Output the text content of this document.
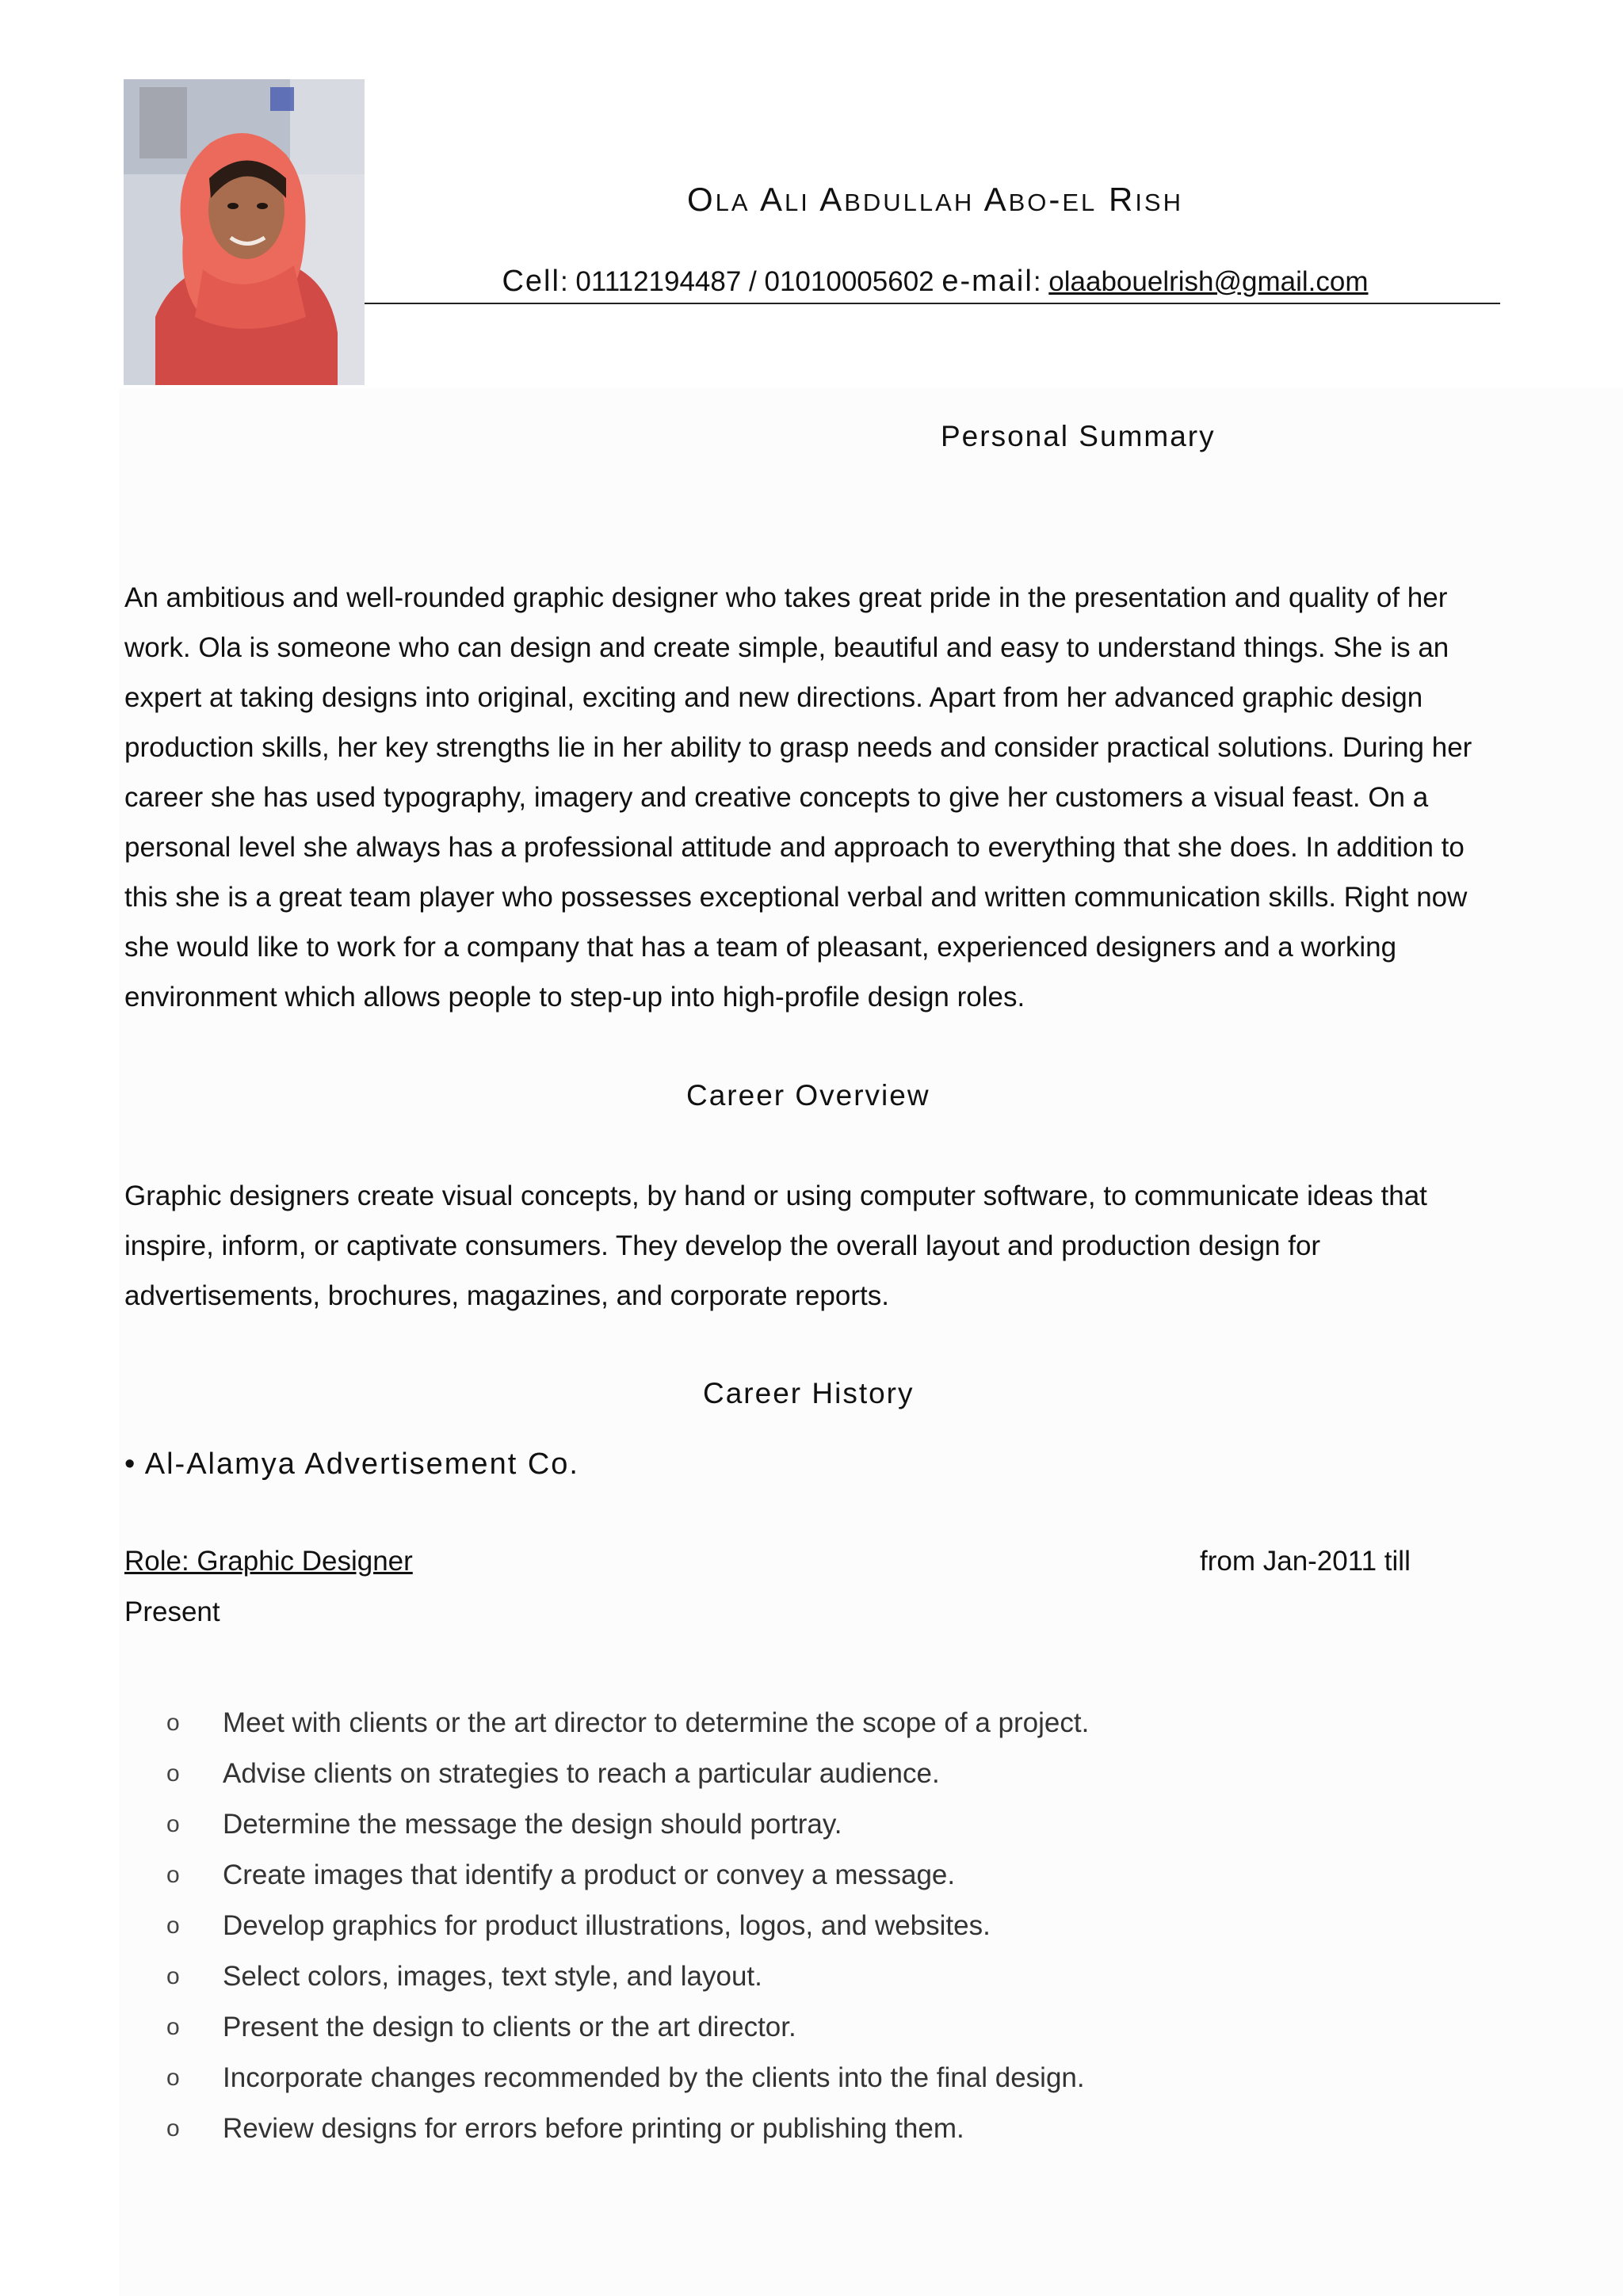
OLA ALI ABDULLAH ABO-EL RISH
Cell: 01112194487 / 01010005602 e-mail: olaabouelrish@gmail.com
Personal Summary
An ambitious and well-rounded graphic designer who takes great pride in the presentation and quality of her work. Ola is someone who can design and create simple, beautiful and easy to understand things. She is an expert at taking designs into original, exciting and new directions. Apart from her advanced graphic design production skills, her key strengths lie in her ability to grasp needs and consider practical solutions. During her career she has used typography, imagery and creative concepts to give her customers a visual feast. On a personal level she always has a professional attitude and approach to everything that she does. In addition to this she is a great team player who possesses exceptional verbal and written communication skills. Right now she would like to work for a company that has a team of pleasant, experienced designers and a working environment which allows people to step-up into high-profile design roles.
Career Overview
Graphic designers create visual concepts, by hand or using computer software, to communicate ideas that inspire, inform, or captivate consumers. They develop the overall layout and production design for advertisements, brochures, magazines, and corporate reports.
Career History
• Al-Alamya Advertisement Co.
Role: Graphic Designer	from Jan-2011 till
Present
o	Meet with clients or the art director to determine the scope of a project.
o	Advise clients on strategies to reach a particular audience.
o	Determine the message the design should portray.
o	Create images that identify a product or convey a message.
o	Develop graphics for product illustrations, logos, and websites.
o	Select colors, images, text style, and layout.
o	Present the design to clients or the art director.
o	Incorporate changes recommended by the clients into the final design.
o	Review designs for errors before printing or publishing them.
